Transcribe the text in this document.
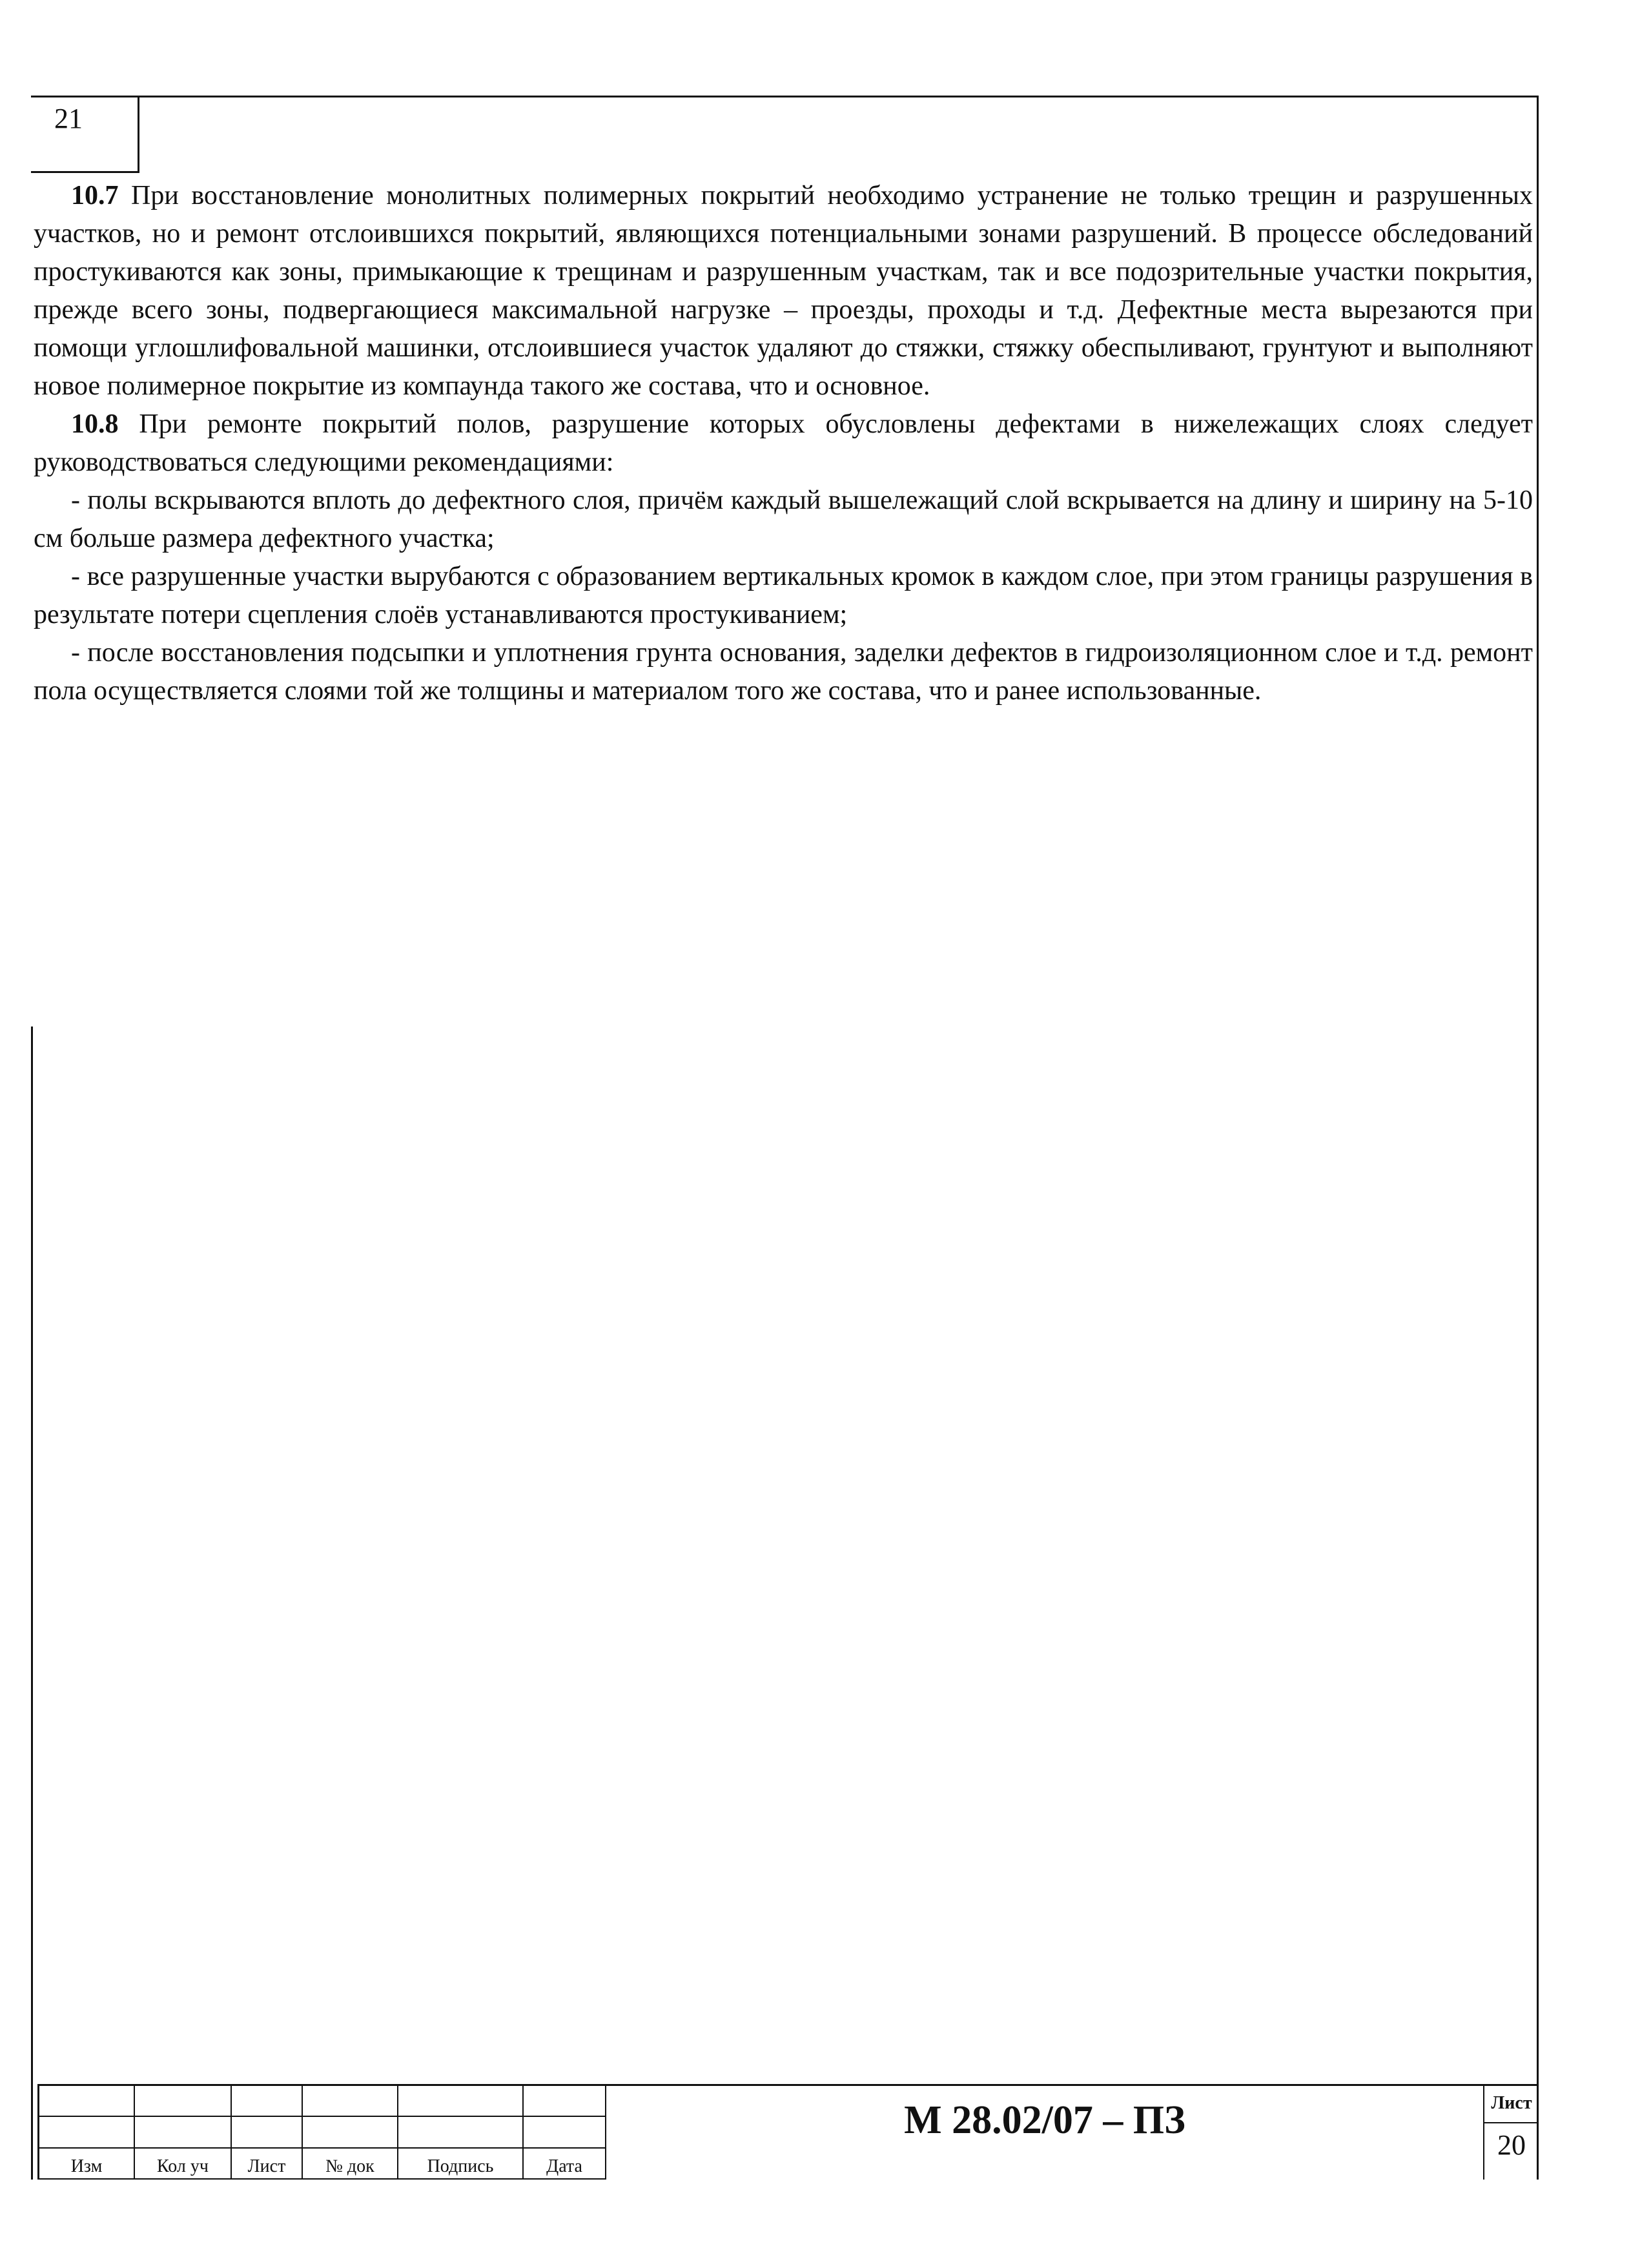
21

10.7 При восстановление монолитных полимерных покрытий необходимо устранение не только трещин и разрушенных участков, но и ремонт отслоившихся покрытий, являющихся потенциальными зонами разрушений. В процессе обследований простукиваются как зоны, примыкающие к трещинам и разрушенным участкам, так и все подозрительные участки покрытия, прежде всего зоны, подвергающиеся максимальной нагрузке – проезды, проходы и т.д. Дефектные места вырезаются при помощи углошлифовальной машинки, отслоившиеся участок удаляют до стяжки, стяжку обеспыливают, грунтуют и выполняют новое полимерное покрытие из компаунда такого же состава, что и основное.

10.8 При ремонте покрытий полов, разрушение которых обусловлены дефектами в нижележащих слоях следует руководствоваться следующими рекомендациями:

- полы вскрываются вплоть до дефектного слоя, причём каждый вышележащий слой вскрывается на длину и ширину на 5-10 см больше размера дефектного участка;

- все разрушенные участки вырубаются с образованием вертикальных кромок в каждом слое, при этом границы разрушения в результате потери сцепления слоёв устанавливаются простукиванием;

- после восстановления подсыпки и уплотнения грунта основания, заделки дефектов в гидроизоляционном слое и т.д. ремонт пола осуществляется слоями той же толщины и материалом того же состава, что и ранее использованные.

Изм	Кол уч	Лист	№ док	Подпись	Дата
М 28.02/07 – ПЗ	Лист
20
